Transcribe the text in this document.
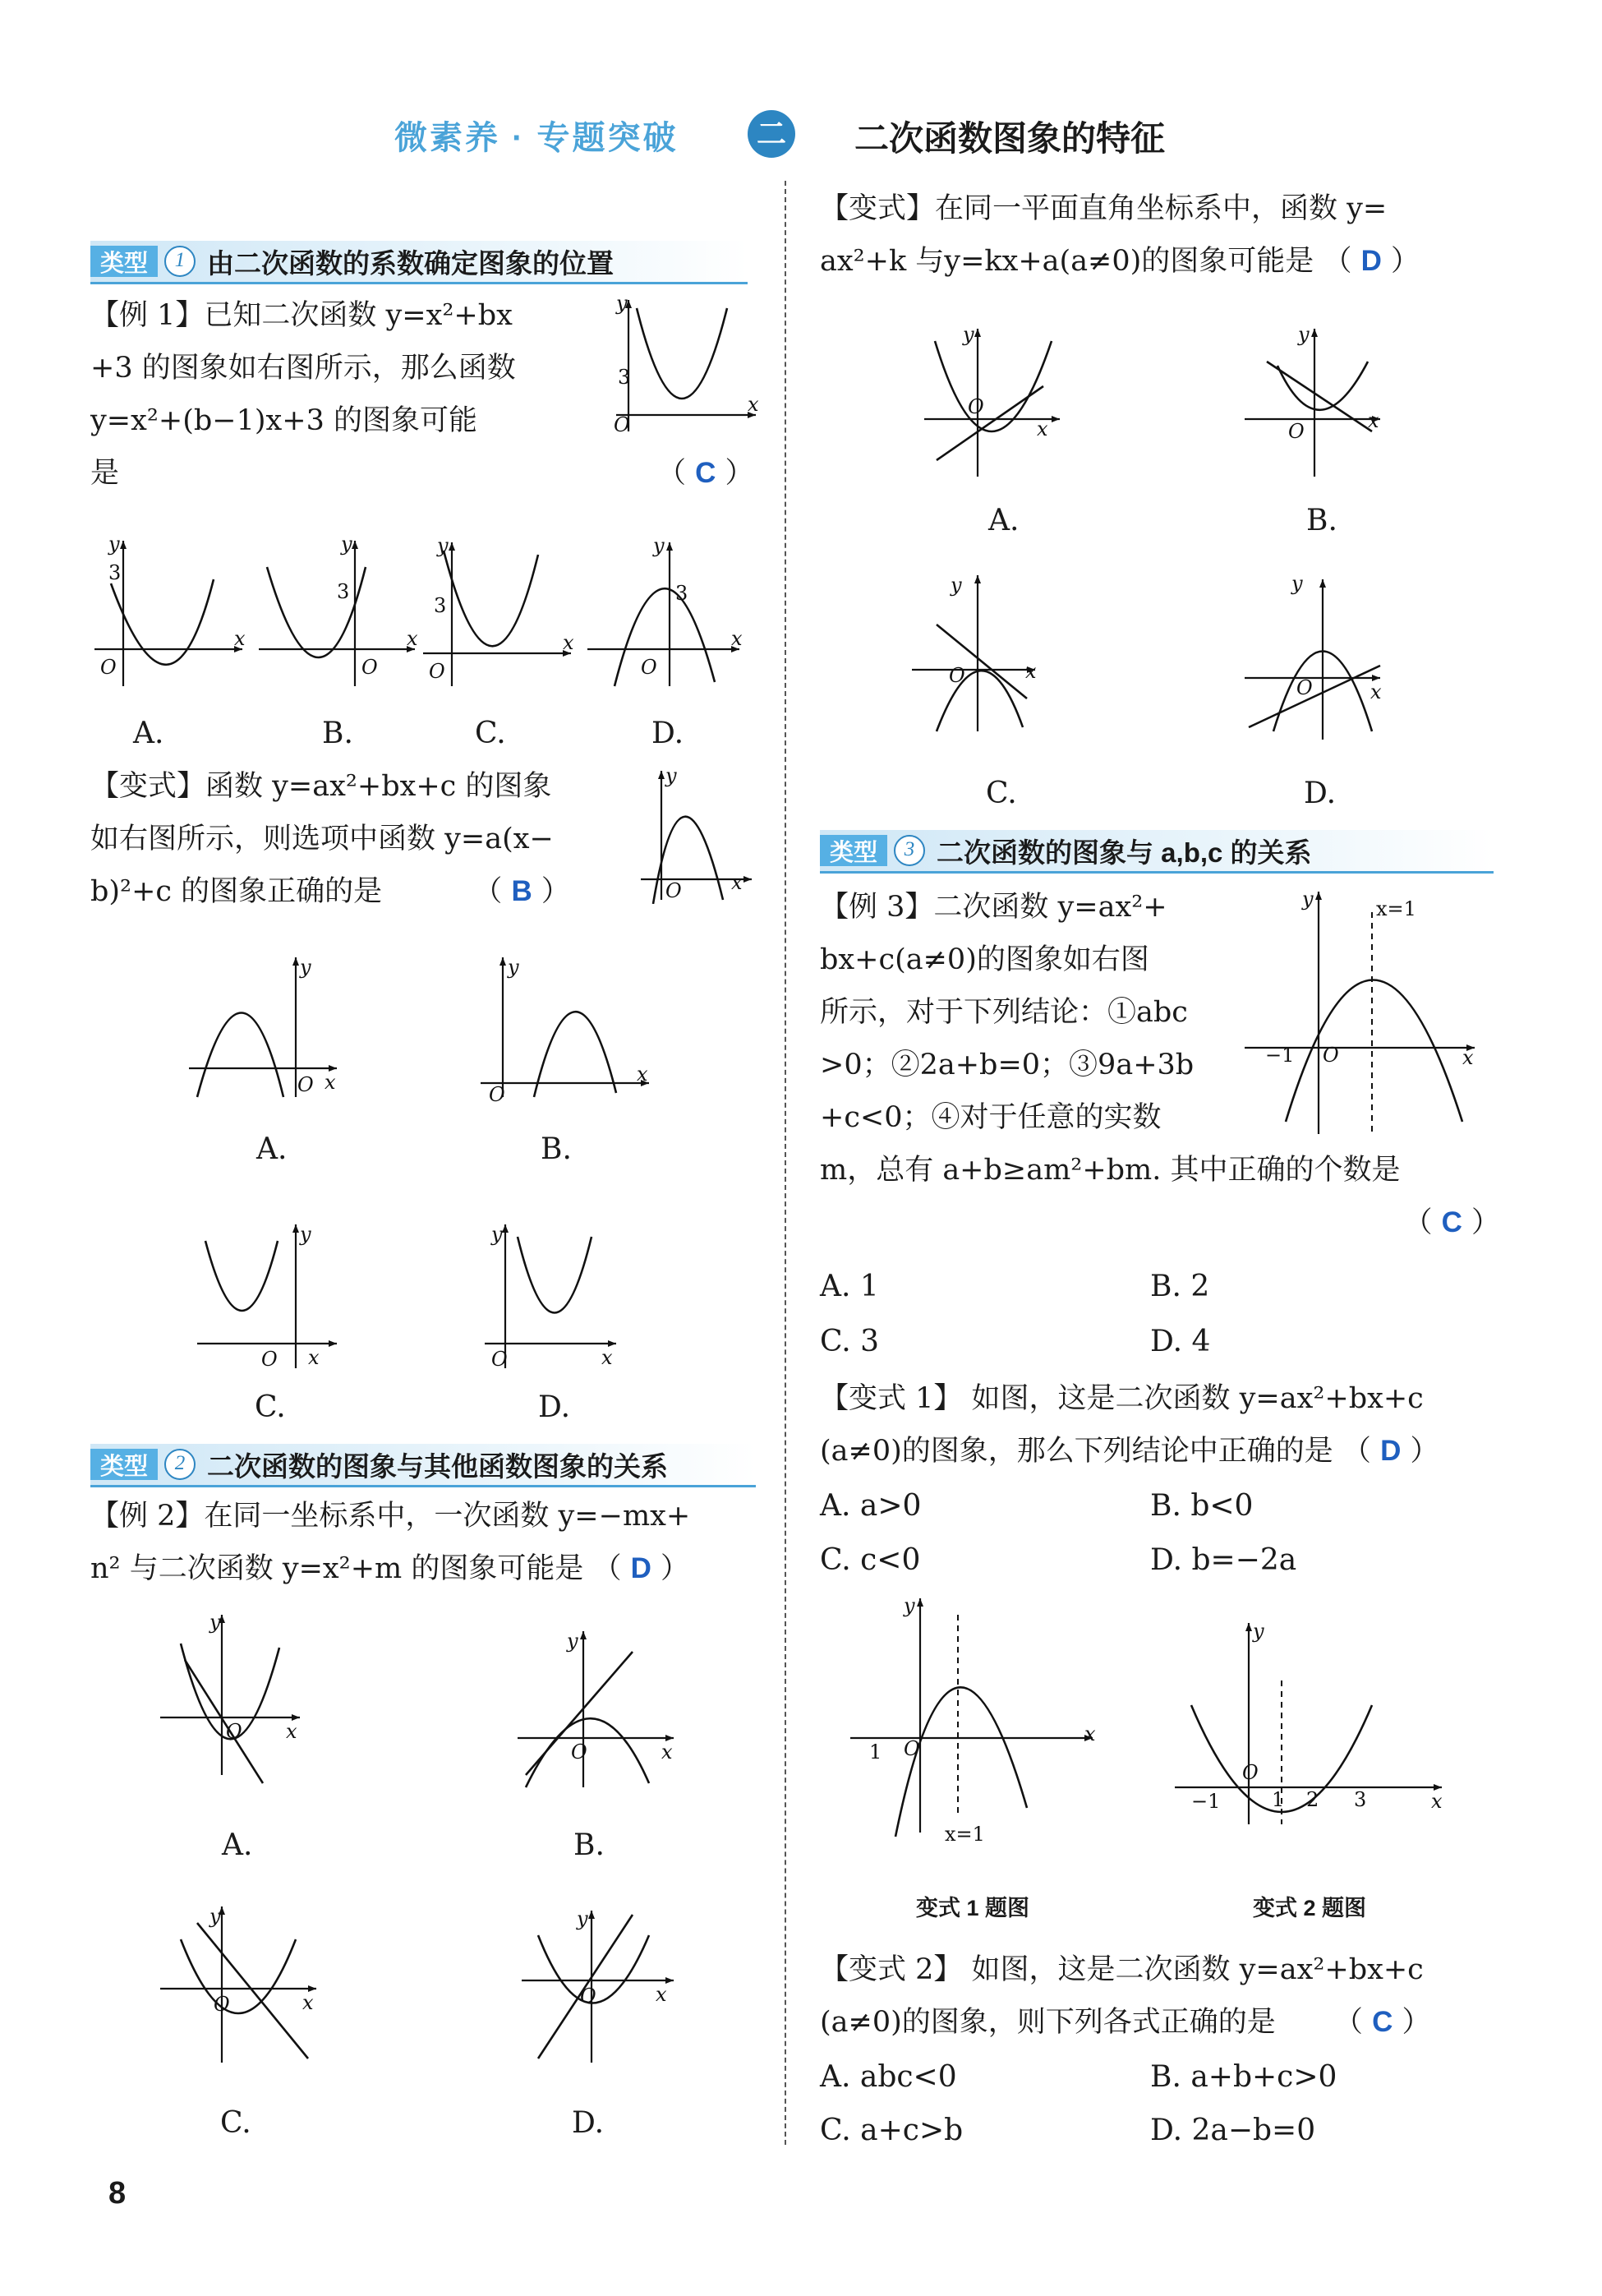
微素养 · 专题突破	二 二次函数图象的特征
类型	1 由二次函数的系数确定图象的位置
【例 1】已知二次函数 y=x²+bx
+3 的图象如右图所示，那么函数
y=x²+(b−1)x+3 的图象可能
是	（ C ）
3
O
x
y
3
O
x
y
3
O
x
y
3
O
x
y
3
O
x
y
A.	B.	C.	D.
【变式】函数 y=ax²+bx+c 的图象
如右图所示，则选项中函数 y=a(x−
b)²+c 的图象正确的是	（ B ）	O	x
y
y
x
O
y
x
O
y
x
O
y
x
O
A.	B.
C.	D.
类型	2 二次函数的图象与其他函数图象的关系
【例 2】在同一坐标系中，一次函数 y=−mx+
n² 与二次函数 y=x²+m 的图象可能是 （ D ）
y
x
O
y
x
O
y
x
O
y
x
O
A.	B.
C.	D.
8
【变式】在同一平面直角坐标系中，函数 y=
ax²+k 与y=kx+a(a≠0)的图象可能是 （ D ）
y
x
O
y
x
O
y
x
O
y
x
O
A.	B.
C.	D.
类型	3 二次函数的图象与 a,b,c 的关系
【例 3】二次函数 y=ax²+
bx+c(a≠0)的图象如右图
所示，对于下列结论：①abc
>0；②2a+b=0；③9a+3b
+c<0；④对于任意的实数
m，总有 a+b≥am²+bm. 其中正确的个数是
（ C ）
y	x=1
−1 O	x
A. 1	B. 2
C. 3	D. 4
【变式 1】 如图，这是二次函数 y=ax²+bx+c
(a≠0)的图象，那么下列结论中正确的是 （ D ）
A. a>0	B. b<0
C. c<0	D. b=−2a
y
1 O
x
x=1
y
−1
O
1 2 3	x
变式 1 题图	变式 2 题图
【变式 2】 如图，这是二次函数 y=ax²+bx+c
(a≠0)的图象，则下列各式正确的是 （ C ）
A. abc<0	B. a+b+c>0
C. a+c>b	D. 2a−b=0
